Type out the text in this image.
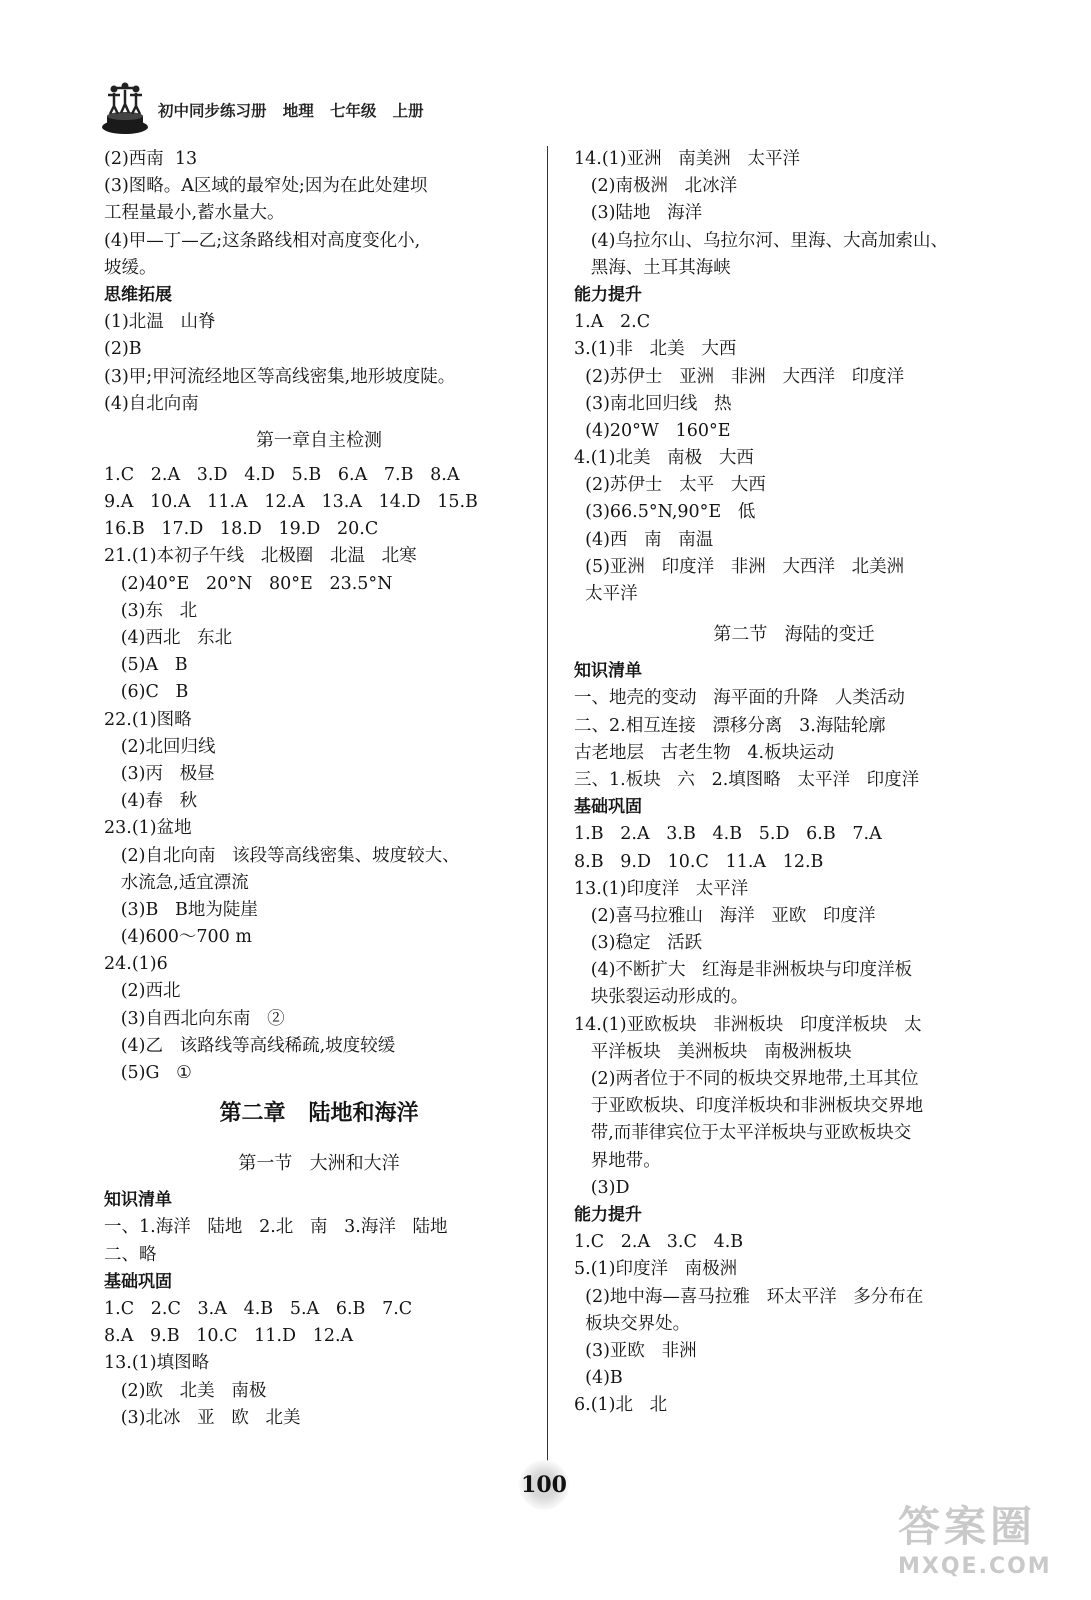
初中同步练习册   地理   七年级   上册
(2)西南  13
(3)图略。A区域的最窄处;因为在此处建坝
工程量最小,蓄水量大。
(4)甲—丁—乙;这条路线相对高度变化小,
坡缓。
思维拓展
(1)北温   山脊
(2)B
(3)甲;甲河流经地区等高线密集,地形坡度陡。
(4)自北向南
第一章自主检测
1.C   2.A   3.D   4.D   5.B   6.A   7.B   8.A
9.A   10.A   11.A   12.A   13.A   14.D   15.B
16.B   17.D   18.D   19.D   20.C
21.(1)本初子午线   北极圈   北温   北寒
(2)40°E   20°N   80°E   23.5°N
(3)东   北
(4)西北   东北
(5)A   B
(6)C   B
22.(1)图略
(2)北回归线
(3)丙   极昼
(4)春   秋
23.(1)盆地
(2)自北向南   该段等高线密集、坡度较大、
水流急,适宜漂流
(3)B   B地为陡崖
(4)600～700 m
24.(1)6
(2)西北
(3)自西北向东南   ②
(4)乙   该路线等高线稀疏,坡度较缓
(5)G   ①
第二章   陆地和海洋
第一节   大洲和大洋
知识清单
一、1.海洋   陆地   2.北   南   3.海洋   陆地
二、略
基础巩固
1.C   2.C   3.A   4.B   5.A   6.B   7.C
8.A   9.B   10.C   11.D   12.A
13.(1)填图略
(2)欧   北美   南极
(3)北冰   亚   欧   北美
14.(1)亚洲   南美洲   太平洋
(2)南极洲   北冰洋
(3)陆地   海洋
(4)乌拉尔山、乌拉尔河、里海、大高加索山、
黑海、土耳其海峡
能力提升
1.A   2.C
3.(1)非   北美   大西
(2)苏伊士   亚洲   非洲   大西洋   印度洋
(3)南北回归线   热
(4)20°W   160°E
4.(1)北美   南极   大西
(2)苏伊士   太平   大西
(3)66.5°N,90°E   低
(4)西   南   南温
(5)亚洲   印度洋   非洲   大西洋   北美洲
太平洋
第二节   海陆的变迁
知识清单
一、地壳的变动   海平面的升降   人类活动
二、2.相互连接   漂移分离   3.海陆轮廓
古老地层   古老生物   4.板块运动
三、1.板块   六   2.填图略   太平洋   印度洋
基础巩固
1.B   2.A   3.B   4.B   5.D   6.B   7.A
8.B   9.D   10.C   11.A   12.B
13.(1)印度洋   太平洋
(2)喜马拉雅山   海洋   亚欧   印度洋
(3)稳定   活跃
(4)不断扩大   红海是非洲板块与印度洋板
块张裂运动形成的。
14.(1)亚欧板块   非洲板块   印度洋板块   太
平洋板块   美洲板块   南极洲板块
(2)两者位于不同的板块交界地带,土耳其位
于亚欧板块、印度洋板块和非洲板块交界地
带,而菲律宾位于太平洋板块与亚欧板块交
界地带。
(3)D
能力提升
1.C   2.A   3.C   4.B
5.(1)印度洋   南极洲
(2)地中海—喜马拉雅   环太平洋   多分布在
板块交界处。
(3)亚欧   非洲
(4)B
6.(1)北   北
100
答案圈
MXQE.COM
